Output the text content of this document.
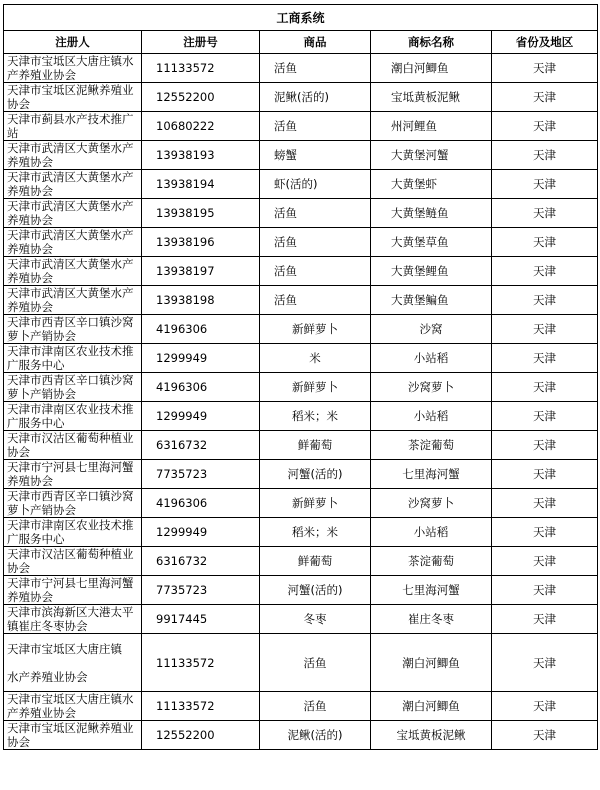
工商系统				
注册人	注册号	商品	商标名称	省份及地区
天津市宝坻区大唐庄镇水产养殖业协会	11133572	活鱼	潮白河鲫鱼	天津
天津市宝坻区泥鳅养殖业协会	12552200	泥鳅(活的)	宝坻黄板泥鳅	天津
天津市蓟县水产技术推广站	10680222	活鱼	州河鲤鱼	天津
天津市武清区大黄堡水产养殖协会	13938193	螃蟹	大黄堡河蟹	天津
天津市武清区大黄堡水产养殖协会	13938194	虾(活的)	大黄堡虾	天津
天津市武清区大黄堡水产养殖协会	13938195	活鱼	大黄堡鲢鱼	天津
天津市武清区大黄堡水产养殖协会	13938196	活鱼	大黄堡草鱼	天津
天津市武清区大黄堡水产养殖协会	13938197	活鱼	大黄堡鲤鱼	天津
天津市武清区大黄堡水产养殖协会	13938198	活鱼	大黄堡鳊鱼	天津
天津市西青区辛口镇沙窝萝卜产销协会	4196306	新鲜萝卜	沙窝	天津
天津市津南区农业技术推广服务中心	1299949	米	小站稻	天津
天津市西青区辛口镇沙窝萝卜产销协会	4196306	新鲜萝卜	沙窝萝卜	天津
天津市津南区农业技术推广服务中心	1299949	稻米；米	小站稻	天津
天津市汉沽区葡萄种植业协会	6316732	鲜葡萄	茶淀葡萄	天津
天津市宁河县七里海河蟹养殖协会	7735723	河蟹(活的)	七里海河蟹	天津
天津市西青区辛口镇沙窝萝卜产销协会	4196306	新鲜萝卜	沙窝萝卜	天津
天津市津南区农业技术推广服务中心	1299949	稻米；米	小站稻	天津
天津市汉沽区葡萄种植业协会	6316732	鲜葡萄	茶淀葡萄	天津
天津市宁河县七里海河蟹养殖协会	7735723	河蟹(活的)	七里海河蟹	天津
天津市滨海新区大港太平镇崔庄冬枣协会	9917445	冬枣	崔庄冬枣	天津
天津市宝坻区大唐庄镇

水产养殖业协会	11133572	活鱼	潮白河鲫鱼	天津
天津市宝坻区大唐庄镇水产养殖业协会	11133572	活鱼	潮白河鲫鱼	天津
天津市宝坻区泥鳅养殖业协会	12552200	泥鳅(活的)	宝坻黄板泥鳅	天津
